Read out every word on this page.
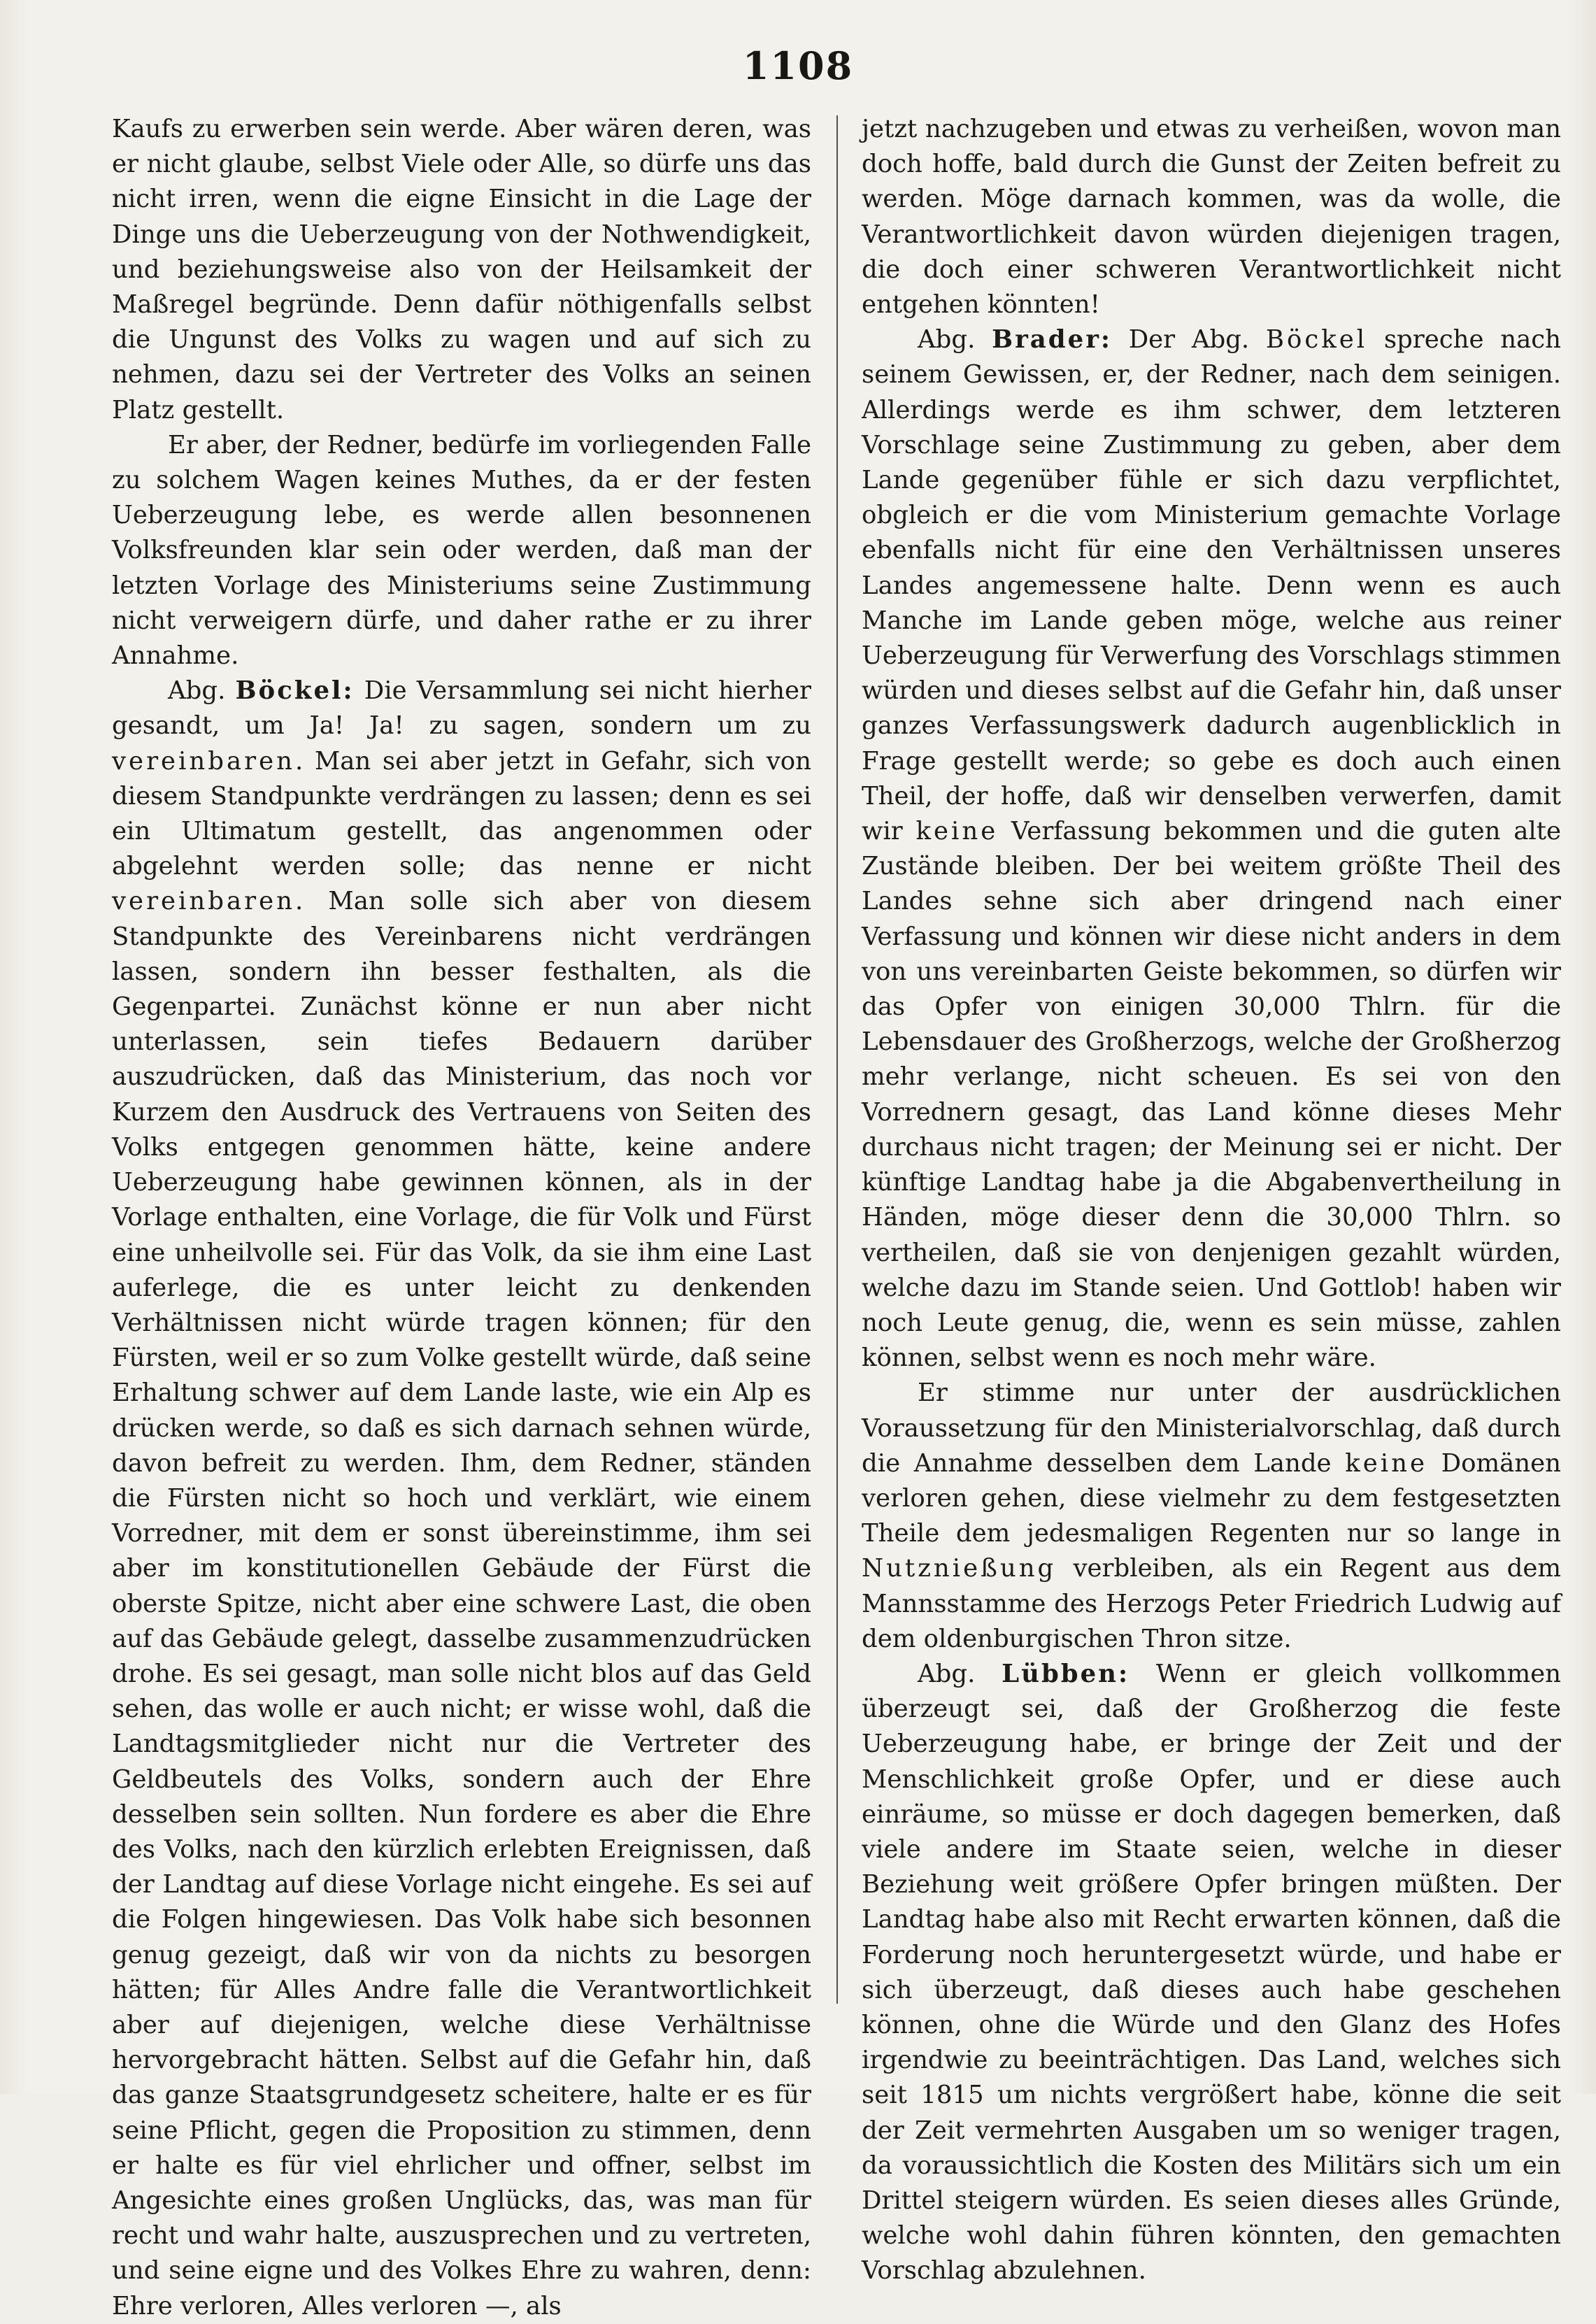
1108

Kaufs zu erwerben sein werde. Aber wären deren, was er nicht glaube, selbst Viele oder Alle, so dürfe uns das nicht irren, wenn die eigne Einsicht in die Lage der Dinge uns die Ueberzeugung von der Nothwendigkeit, und beziehungsweise also von der Heilsamkeit der Maßregel begründe. Denn dafür nöthigenfalls selbst die Ungunst des Volks zu wagen und auf sich zu nehmen, dazu sei der Vertreter des Volks an seinen Platz gestellt.

Er aber, der Redner, bedürfe im vorliegenden Falle zu solchem Wagen keines Muthes, da er der festen Ueberzeugung lebe, es werde allen besonnenen Volksfreunden klar sein oder werden, daß man der letzten Vorlage des Ministeriums seine Zustimmung nicht verweigern dürfe, und daher rathe er zu ihrer Annahme.

Abg. Böckel: Die Versammlung sei nicht hierher gesandt, um Ja! Ja! zu sagen, sondern um zu vereinbaren. Man sei aber jetzt in Gefahr, sich von diesem Standpunkte verdrängen zu lassen; denn es sei ein Ultimatum gestellt, das angenommen oder abgelehnt werden solle; das nenne er nicht vereinbaren. Man solle sich aber von diesem Standpunkte des Vereinbarens nicht verdrängen lassen, sondern ihn besser festhalten, als die Gegenpartei. Zunächst könne er nun aber nicht unterlassen, sein tiefes Bedauern darüber auszudrücken, daß das Ministerium, das noch vor Kurzem den Ausdruck des Vertrauens von Seiten des Volks entgegen genommen hätte, keine andere Ueberzeugung habe gewinnen können, als in der Vorlage enthalten, eine Vorlage, die für Volk und Fürst eine unheilvolle sei. Für das Volk, da sie ihm eine Last auferlege, die es unter leicht zu denkenden Verhältnissen nicht würde tragen können; für den Fürsten, weil er so zum Volke gestellt würde, daß seine Erhaltung schwer auf dem Lande laste, wie ein Alp es drücken werde, so daß es sich darnach sehnen würde, davon befreit zu werden. Ihm, dem Redner, ständen die Fürsten nicht so hoch und verklärt, wie einem Vorredner, mit dem er sonst übereinstimme, ihm sei aber im konstitutionellen Gebäude der Fürst die oberste Spitze, nicht aber eine schwere Last, die oben auf das Gebäude gelegt, dasselbe zusammenzudrücken drohe. Es sei gesagt, man solle nicht blos auf das Geld sehen, das wolle er auch nicht; er wisse wohl, daß die Landtagsmitglieder nicht nur die Vertreter des Geldbeutels des Volks, sondern auch der Ehre desselben sein sollten. Nun fordere es aber die Ehre des Volks, nach den kürzlich erlebten Ereignissen, daß der Landtag auf diese Vorlage nicht eingehe. Es sei auf die Folgen hingewiesen. Das Volk habe sich besonnen genug gezeigt, daß wir von da nichts zu besorgen hätten; für Alles Andre falle die Verantwortlichkeit aber auf diejenigen, welche diese Verhältnisse hervorgebracht hätten. Selbst auf die Gefahr hin, daß das ganze Staatsgrundgesetz scheitere, halte er es für seine Pflicht, gegen die Proposition zu stimmen, denn er halte es für viel ehrlicher und offner, selbst im Angesichte eines großen Unglücks, das, was man für recht und wahr halte, auszusprechen und zu vertreten, und seine eigne und des Volkes Ehre zu wahren, denn: Ehre verloren, Alles verloren —, als

jetzt nachzugeben und etwas zu verheißen, wovon man doch hoffe, bald durch die Gunst der Zeiten befreit zu werden. Möge darnach kommen, was da wolle, die Verantwortlichkeit davon würden diejenigen tragen, die doch einer schweren Verantwortlichkeit nicht entgehen könnten!

Abg. Brader: Der Abg. Böckel spreche nach seinem Gewissen, er, der Redner, nach dem seinigen. Allerdings werde es ihm schwer, dem letzteren Vorschlage seine Zustimmung zu geben, aber dem Lande gegenüber fühle er sich dazu verpflichtet, obgleich er die vom Ministerium gemachte Vorlage ebenfalls nicht für eine den Verhältnissen unseres Landes angemessene halte. Denn wenn es auch Manche im Lande geben möge, welche aus reiner Ueberzeugung für Verwerfung des Vorschlags stimmen würden und dieses selbst auf die Gefahr hin, daß unser ganzes Verfassungswerk dadurch augenblicklich in Frage gestellt werde; so gebe es doch auch einen Theil, der hoffe, daß wir denselben verwerfen, damit wir keine Verfassung bekommen und die guten alte Zustände bleiben. Der bei weitem größte Theil des Landes sehne sich aber dringend nach einer Verfassung und können wir diese nicht anders in dem von uns vereinbarten Geiste bekommen, so dürfen wir das Opfer von einigen 30,000 Thlrn. für die Lebensdauer des Großherzogs, welche der Großherzog mehr verlange, nicht scheuen. Es sei von den Vorrednern gesagt, das Land könne dieses Mehr durchaus nicht tragen; der Meinung sei er nicht. Der künftige Landtag habe ja die Abgabenvertheilung in Händen, möge dieser denn die 30,000 Thlrn. so vertheilen, daß sie von denjenigen gezahlt würden, welche dazu im Stande seien. Und Gottlob! haben wir noch Leute genug, die, wenn es sein müsse, zahlen können, selbst wenn es noch mehr wäre.

Er stimme nur unter der ausdrücklichen Voraussetzung für den Ministerialvorschlag, daß durch die Annahme desselben dem Lande keine Domänen verloren gehen, diese vielmehr zu dem festgesetzten Theile dem jedesmaligen Regenten nur so lange in Nutznießung verbleiben, als ein Regent aus dem Mannsstamme des Herzogs Peter Friedrich Ludwig auf dem oldenburgischen Thron sitze.

Abg. Lübben: Wenn er gleich vollkommen überzeugt sei, daß der Großherzog die feste Ueberzeugung habe, er bringe der Zeit und der Menschlichkeit große Opfer, und er diese auch einräume, so müsse er doch dagegen bemerken, daß viele andere im Staate seien, welche in dieser Beziehung weit größere Opfer bringen müßten. Der Landtag habe also mit Recht erwarten können, daß die Forderung noch heruntergesetzt würde, und habe er sich überzeugt, daß dieses auch habe geschehen können, ohne die Würde und den Glanz des Hofes irgendwie zu beeinträchtigen. Das Land, welches sich seit 1815 um nichts vergrößert habe, könne die seit der Zeit vermehrten Ausgaben um so weniger tragen, da voraussichtlich die Kosten des Militärs sich um ein Drittel steigern würden. Es seien dieses alles Gründe, welche wohl dahin führen könnten, den gemachten Vorschlag abzulehnen.
